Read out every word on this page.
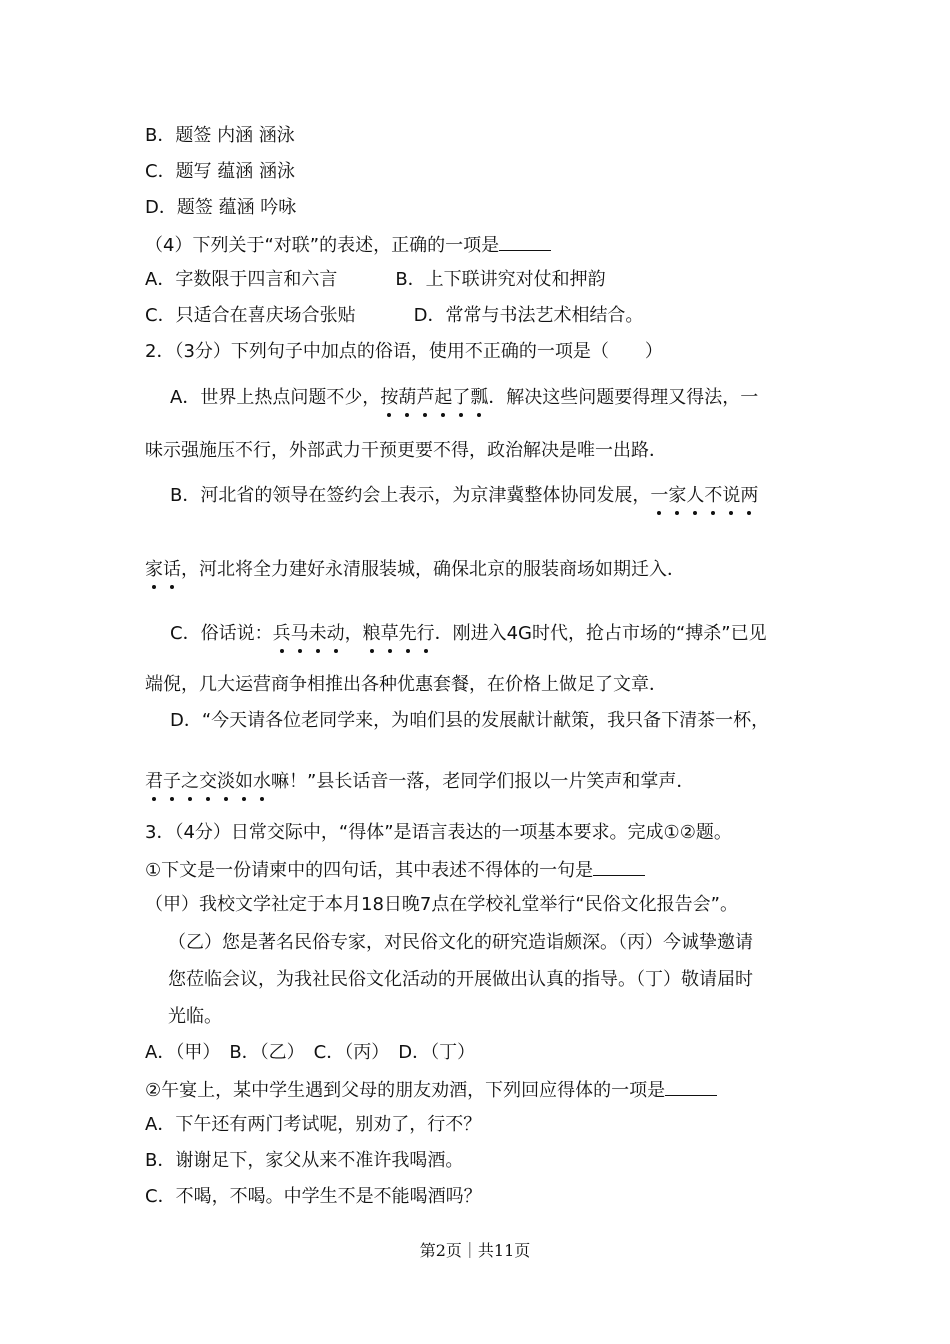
B．题签 内涵 涵泳

C．题写 蕴涵 涵泳

D．题签 蕴涵 吟咏

（4）下列关于“对联”的表述，正确的一项是

A．字数限于四言和六言	B．上下联讲究对仗和押韵

C．只适合在喜庆场合张贴	D．常常与书法艺术相结合。

2．（3分）下列句子中加点的俗语，使用不正确的一项是（　　）

A．世界上热点问题不少，按葫芦起了瓢．解决这些问题要得理又得法，一

味示强施压不行，外部武力干预更要不得，政治解决是唯一出路．

B．河北省的领导在签约会上表示，为京津冀整体协同发展，一家人不说两

家话，河北将全力建好永清服装城，确保北京的服装商场如期迁入．

C．俗话说：兵马未动，粮草先行．刚进入4G时代，抢占市场的“搏杀”已见

端倪，几大运营商争相推出各种优惠套餐，在价格上做足了文章．

D．“今天请各位老同学来，为咱们县的发展献计献策，我只备下清茶一杯，

君子之交淡如水嘛！”县长话音一落，老同学们报以一片笑声和掌声．

3．（4分）日常交际中，“得体”是语言表达的一项基本要求。完成①②题。

①下文是一份请柬中的四句话，其中表述不得体的一句是

（甲）我校文学社定于本月18日晚7点在学校礼堂举行“民俗文化报告会”。

（乙）您是著名民俗专家，对民俗文化的研究造诣颇深。（丙）今诚挚邀请

您莅临会议，为我社民俗文化活动的开展做出认真的指导。（丁）敬请届时

光临。

A．（甲）　B．（乙）　C．（丙）　D．（丁）

②午宴上，某中学生遇到父母的朋友劝酒，下列回应得体的一项是

A．下午还有两门考试呢，别劝了，行不？

B．谢谢足下，家父从来不准许我喝酒。

C．不喝，不喝。中学生不是不能喝酒吗？

第2页｜共11页
